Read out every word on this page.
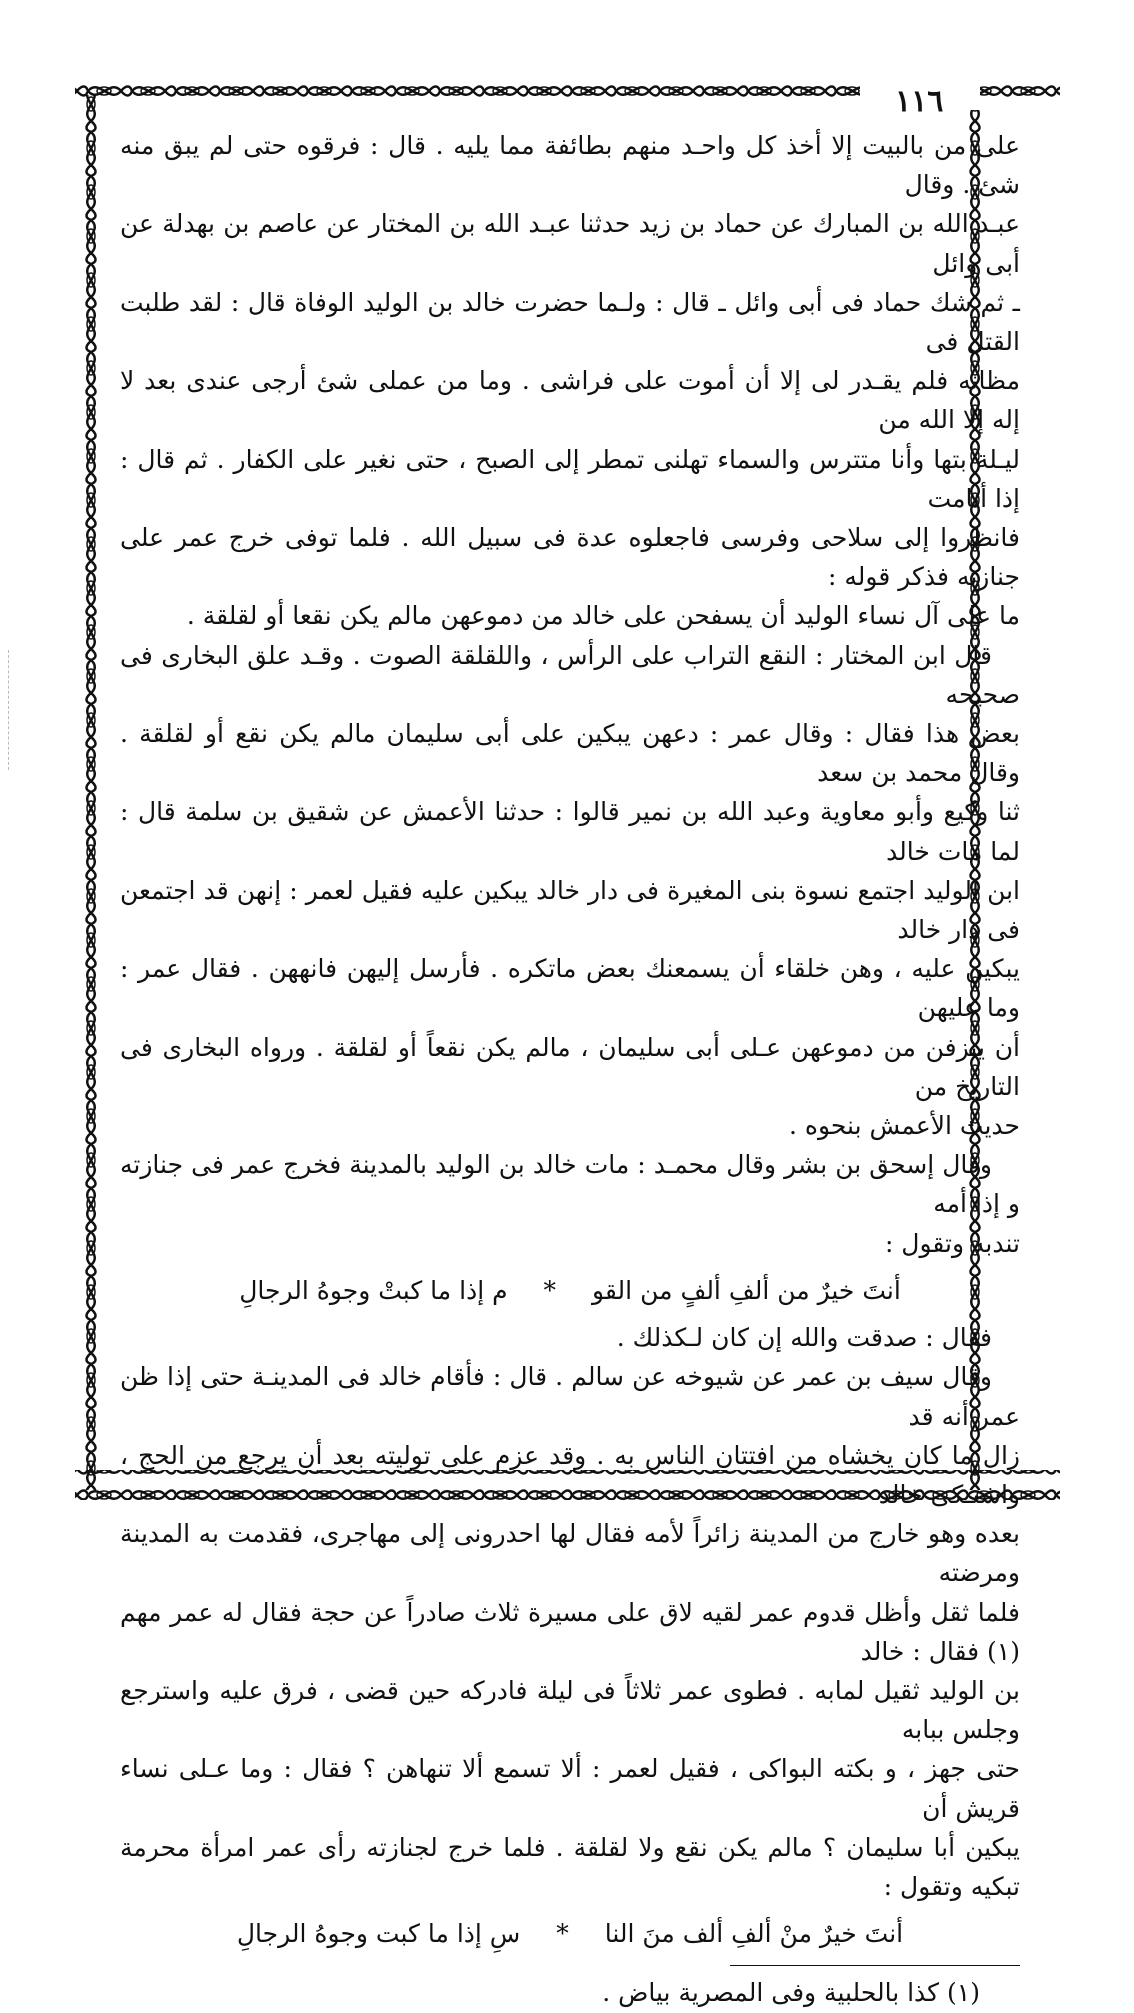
١١٦

على من بالبيت إلا أخذ كل واحـد منهم بطائفة مما يليه . قال : فرقوه حتى لم يبق منه شئ . وقال

عبـد الله بن المبارك عن حماد بن زيد حدثنا عبـد الله بن المختار عن عاصم بن بهدلة عن أبى وائل

ـ ثم شك حماد فى أبى وائل ـ قال : ولـما حضرت خالد بن الوليد الوفاة قال : لقد طلبت القتل فى

مظانه فلم يقـدر لى إلا أن أموت على فراشى . وما من عملى شئ أرجى عندى بعد لا إله إلا الله من

ليـلة بتها وأنا متترس والسماء تهلنى تمطر إلى الصبح ، حتى نغير على الكفار . ثم قال : إذا أنامت

فانظروا إلى سلاحى وفرسى فاجعلوه عدة فى سبيل الله . فلما توفى خرج عمر على جنازته فذكر قوله :

ما على آل نساء الوليد أن يسفحن على خالد من دموعهن مالم يكن نقعا أو لقلقة .

قال ابن المختار : النقع التراب على الرأس ، واللقلقة الصوت . وقـد علق البخارى فى صحيحه

بعض هذا فقال : وقال عمر : دعهن يبكين على أبى سليمان مالم يكن نقع أو لقلقة . وقال محمد بن سعد

ثنا وكيع وأبو معاوية وعبد الله بن نمير قالوا : حدثنا الأعمش عن شقيق بن سلمة قال : لما مات خالد

ابن الوليد اجتمع نسوة بنى المغيرة فى دار خالد يبكين عليه فقيل لعمر : إنهن قد اجتمعن فى دار خالد

يبكين عليه ، وهن خلقاء أن يسمعنك بعض ماتكره . فأرسل إليهن فانههن . فقال عمر : وما عليهن

أن ينزفن من دموعهن عـلى أبى سليمان ، مالم يكن نقعاً أو لقلقة . ورواه البخارى فى التاريخ من

حديث الأعمش بنحوه .

وقال إسحق بن بشر وقال محمـد : مات خالد بن الوليد بالمدينة فخرج عمر فى جنازته و إذا أمه

تندبه وتقول :

أنتَ خيرٌ من ألفِ ألفٍ من القو * م إذا ما كبتْ وجوهُ الرجالِ

فقال : صدقت والله إن كان لـكذلك .

وقال سيف بن عمر عن شيوخه عن سالم . قال : فأقام خالد فى المدينـة حتى إذا ظن عمر أنه قد

زال ما كان يخشاه من افتتان الناس به . وقد عزم على توليته بعد أن يرجع من الحج ، واشتـكى خالد

بعده وهو خارج من المدينة زائراً لأمه فقال لها احدرونى إلى مهاجرى، فقدمت به المدينة ومرضته

فلما ثقل وأظل قدوم عمر لقيه لاق على مسيرة ثلاث صادراً عن حجة فقال له عمر مهم (١) فقال : خالد

بن الوليد ثقيل لمابه . فطوى عمر ثلاثاً فى ليلة فادركه حين قضى ، فرق عليه واسترجع وجلس ببابه

حتى جهز ، و بكته البواكى ، فقيل لعمر : ألا تسمع ألا تنهاهن ؟ فقال : وما عـلى نساء قريش أن

يبكين أبا سليمان ؟ مالم يكن نقع ولا لقلقة . فلما خرج لجنازته رأى عمر امرأة محرمة تبكيه وتقول :

أنتَ خيرٌ منْ ألفِ ألف منَ النا * سِ إذا ما كبت وجوهُ الرجالِ
(١) كذا بالحلبية وفى المصرية بياض .
